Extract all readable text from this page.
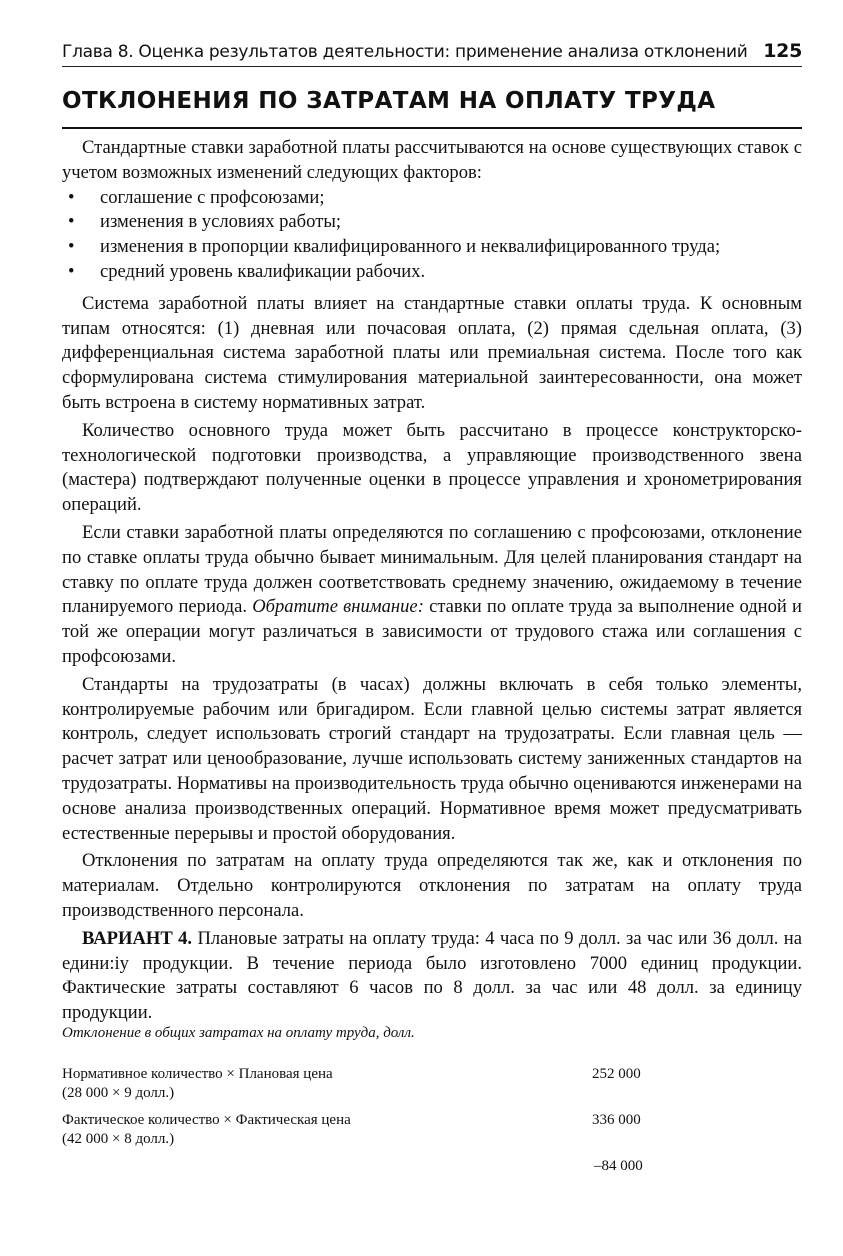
Глава 8. Оценка результатов деятельности: применение анализа отклонений 125
ОТКЛОНЕНИЯ ПО ЗАТРАТАМ НА ОПЛАТУ ТРУДА

Стандартные ставки заработной платы рассчитываются на основе существующих ставок с учетом возможных изменений следующих факторов:

• соглашение с профсоюзами;
• изменения в условиях работы;
• изменения в пропорции квалифицированного и неквалифицированного труда;
• средний уровень квалификации рабочих.

Система заработной платы влияет на стандартные ставки оплаты труда. К основным типам относятся: (1) дневная или почасовая оплата, (2) прямая сдельная оплата, (3) дифференциальная система заработной платы или премиальная система. После того как сформулирована система стимулирования материальной заинтересованности, она может быть встроена в систему нормативных затрат.

Количество основного труда может быть рассчитано в процессе конструкторско-технологической подготовки производства, а управляющие производственного звена (мастера) подтверждают полученные оценки в процессе управления и хронометрирования операций.

Если ставки заработной платы определяются по соглашению с профсоюзами, отклонение по ставке оплаты труда обычно бывает минимальным. Для целей планирования стандарт на ставку по оплате труда должен соответствовать среднему значению, ожидаемому в течение планируемого периода. Обратите внимание: ставки по оплате труда за выполнение одной и той же операции могут различаться в зависимости от трудового стажа или соглашения с профсоюзами.

Стандарты на трудозатраты (в часах) должны включать в себя только элементы, контролируемые рабочим или бригадиром. Если главной целью системы затрат является контроль, следует использовать строгий стандарт на трудозатраты. Если главная цель — расчет затрат или ценообразование, лучше использовать систему заниженных стандартов на трудозатраты. Нормативы на производительность труда обычно оцениваются инженерами на основе анализа производственных операций. Нормативное время может предусматривать естественные перерывы и простой оборудования.

Отклонения по затратам на оплату труда определяются так же, как и отклонения по материалам. Отдельно контролируются отклонения по затратам на оплату труда производственного персонала.

ВАРИАНТ 4. Плановые затраты на оплату труда: 4 часа по 9 долл. за час или 36 долл. на едини:iу продукции. В течение периода было изготовлено 7000 единиц продукции. Фактические затраты составляют 6 часов по 8 долл. за час или 48 долл. за единицу продукции.

Отклонение в общих затратах на оплату труда, долл.
Нормативное количество × Плановая цена
(28 000 × 9 долл.)
252 000
Фактическое количество × Фактическая цена
(42 000 × 8 долл.)
336 000
–84 000
